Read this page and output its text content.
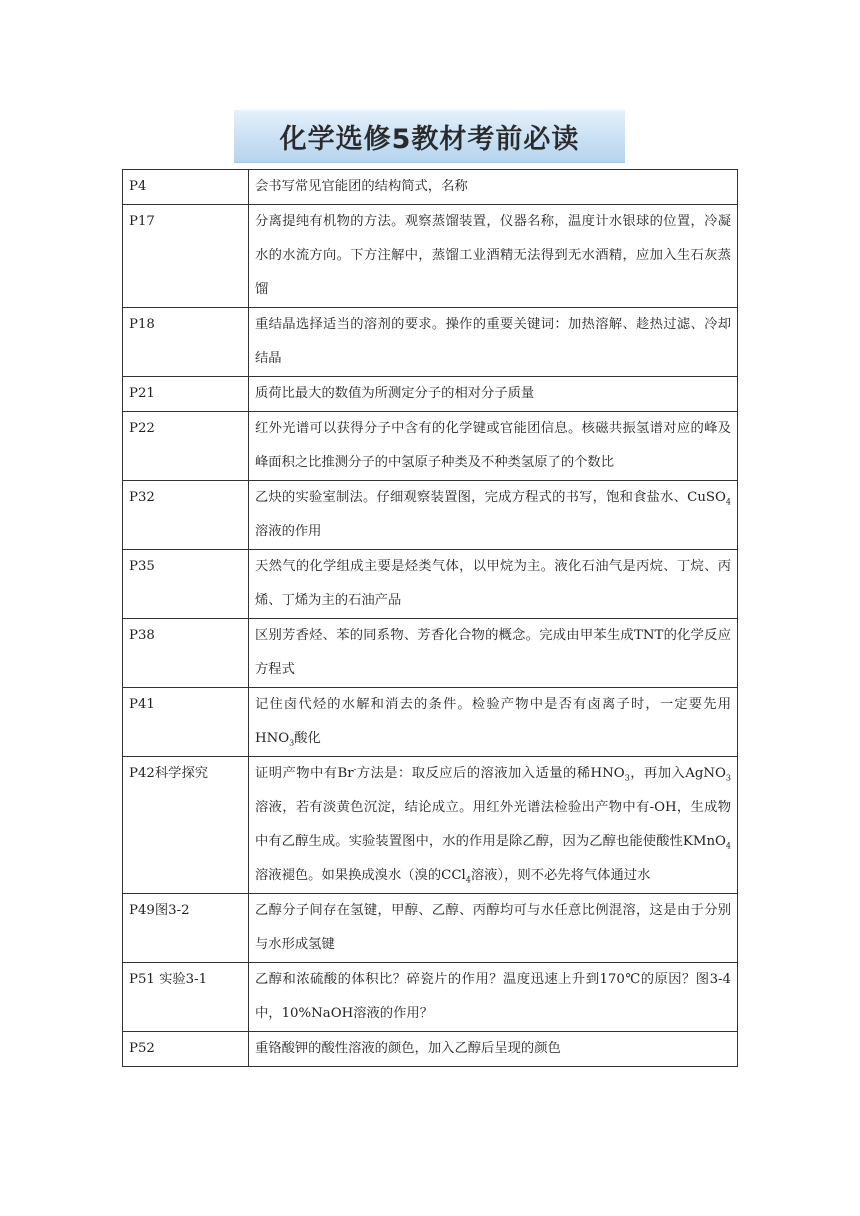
化学选修5教材考前必读
P4	会书写常见官能团的结构简式，名称
P17	分离提纯有机物的方法。观察蒸馏装置，仪器名称，温度计水银球的位置，冷凝水的水流方向。下方注解中，蒸馏工业酒精无法得到无水酒精，应加入生石灰蒸馏
P18	重结晶选择适当的溶剂的要求。操作的重要关键词：加热溶解、趁热过滤、冷却结晶
P21	质荷比最大的数值为所测定分子的相对分子质量
P22	红外光谱可以获得分子中含有的化学键或官能团信息。核磁共振氢谱对应的峰及峰面积之比推测分子的中氢原子种类及不种类氢原了的个数比
P32	乙炔的实验室制法。仔细观察装置图，完成方程式的书写，饱和食盐水、CuSO$_4$溶液的作用
P35	天然气的化学组成主要是烃类气体，以甲烷为主。液化石油气是丙烷、丁烷、丙烯、丁烯为主的石油产品
P38	区别芳香烃、苯的同系物、芳香化合物的概念。完成由甲苯生成TNT的化学反应方程式
P41	记住卤代烃的水解和消去的条件。检验产物中是否有卤离子时，一定要先用$HNO_3$酸化
P42科学探究	证明产物中有Br-方法是：取反应后的溶液加入适量的稀$HNO_3$，再加入AgNO$_3$溶液，若有淡黄色沉淀，结论成立。用红外光谱法检验出产物中有-OH，生成物中有乙醇生成。实验装置图中，水的作用是除乙醇，因为乙醇也能使酸性KMnO$_4$溶液褪色。如果换成溴水（溴的CCl$_4$溶液），则不必先将气体通过水
P49图3-2	乙醇分子间存在氢键，甲醇、乙醇、丙醇均可与水任意比例混溶，这是由于分别与水形成氢键
P51 实验3-1	乙醇和浓硫酸的体积比？碎瓷片的作用？温度迅速上升到170℃的原因？图3-4中，10%NaOH溶液的作用？
P52	重铬酸钾的酸性溶液的颜色，加入乙醇后呈现的颜色
